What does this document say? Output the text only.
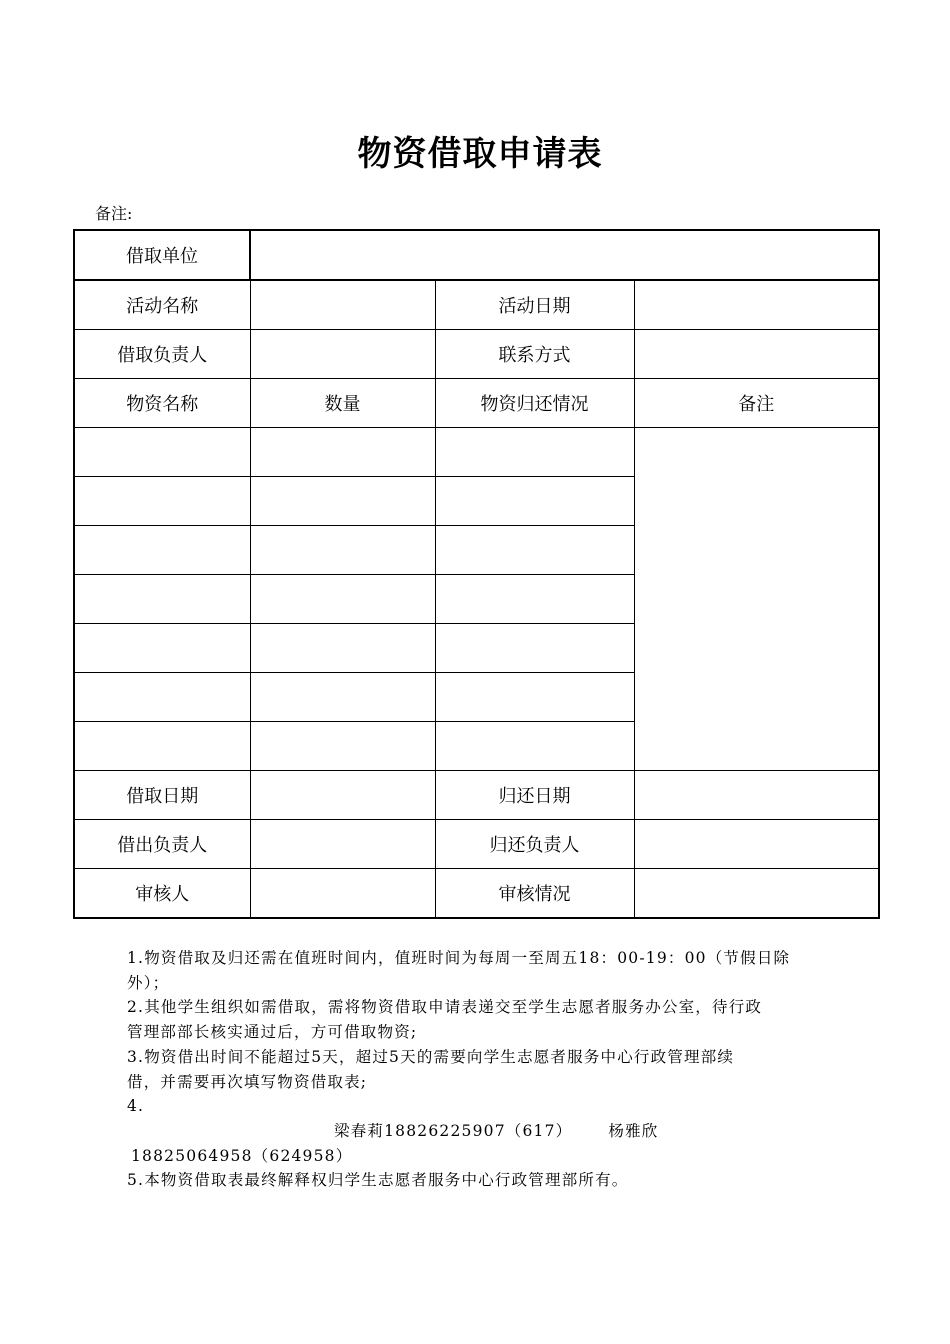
物资借取申请表
备注:
借取单位			
活动名称		活动日期	
借取负责人		联系方式	
物资名称	数量	物资归还情况	备注

借取日期		归还日期	
借出负责人		归还负责人	
审核人		审核情况	

1.物资借取及归还需在值班时间内，值班时间为每周一至周五18：00-19：00（节假日除

外）；

2.其他学生组织如需借取，需将物资借取申请表递交至学生志愿者服务办公室，待行政

管理部部长核实通过后，方可借取物资;

3.物资借出时间不能超过5天，超过5天的需要向学生志愿者服务中心行政管理部续

借，并需要再次填写物资借取表;

4.

梁春莉18826225907（617） 杨雅欣

18825064958（624958）

5.本物资借取表最终解释权归学生志愿者服务中心行政管理部所有。
